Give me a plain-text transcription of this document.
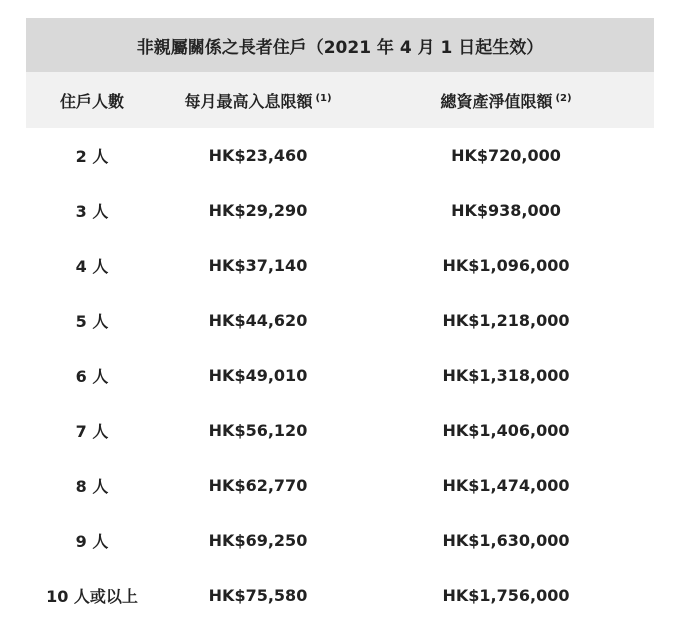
非親屬關係之長者住戶（2021 年 4 月 1 日起生效）
住戶人數	每月最高入息限額 $^{(1)}$	總資產淨值限額 $^{(2)}$
2 人	HK$23,460	HK$720,000
3 人	HK$29,290	HK$938,000
4 人	HK$37,140	HK$1,096,000
5 人	HK$44,620	HK$1,218,000
6 人	HK$49,010	HK$1,318,000
7 人	HK$56,120	HK$1,406,000
8 人	HK$62,770	HK$1,474,000
9 人	HK$69,250	HK$1,630,000
10 人或以上	HK$75,580	HK$1,756,000
